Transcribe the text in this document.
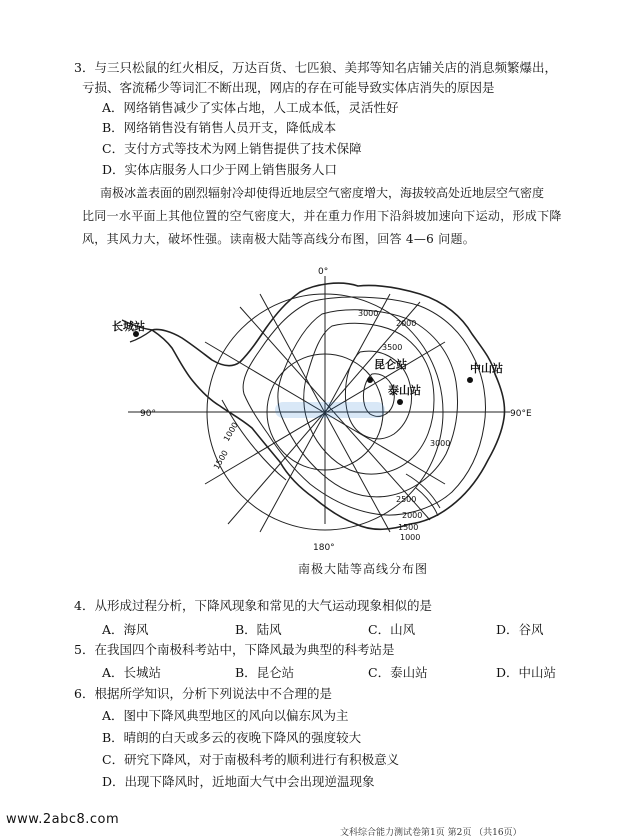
3．与三只松鼠的红火相反，万达百货、七匹狼、美邦等知名店铺关店的消息频繁爆出，
亏损、客流稀少等词汇不断出现，网店的存在可能导致实体店消失的原因是
A．网络销售减少了实体占地，人工成本低，灵活性好
B．网络销售没有销售人员开支，降低成本
C．支付方式等技术为网上销售提供了技术保障
D．实体店服务人口少于网上销售服务人口
南极冰盖表面的剧烈辐射冷却使得近地层空气密度增大，海拔较高处近地层空气密度
比同一水平面上其他位置的空气密度大，并在重力作用下沿斜坡加速向下运动，形成下降
风，其风力大，破坏性强。读南极大陆等高线分布图，回答 4—6 问题。
0°
90°	90°E
180°
长城站
昆仑站
泰山站
中山站
3000
2000
3500
3000
2500
2000
1500
1000
1000
1500
南极大陆等高线分布图
4．从形成过程分析，下降风现象和常见的大气运动现象相似的是
A．海风	B．陆风	C．山风	D．谷风
5．在我国四个南极科考站中，下降风最为典型的科考站是
A．长城站	B．昆仑站	C．泰山站	D．中山站
6．根据所学知识，分析下列说法中不合理的是
A．图中下降风典型地区的风向以偏东风为主
B．晴朗的白天或多云的夜晚下降风的强度较大
C．研究下降风，对于南极科考的顺利进行有积极意义
D．出现下降风时，近地面大气中会出现逆温现象
www.2abc8.com
文科综合能力测试卷第1页 第2页 （共16页）
